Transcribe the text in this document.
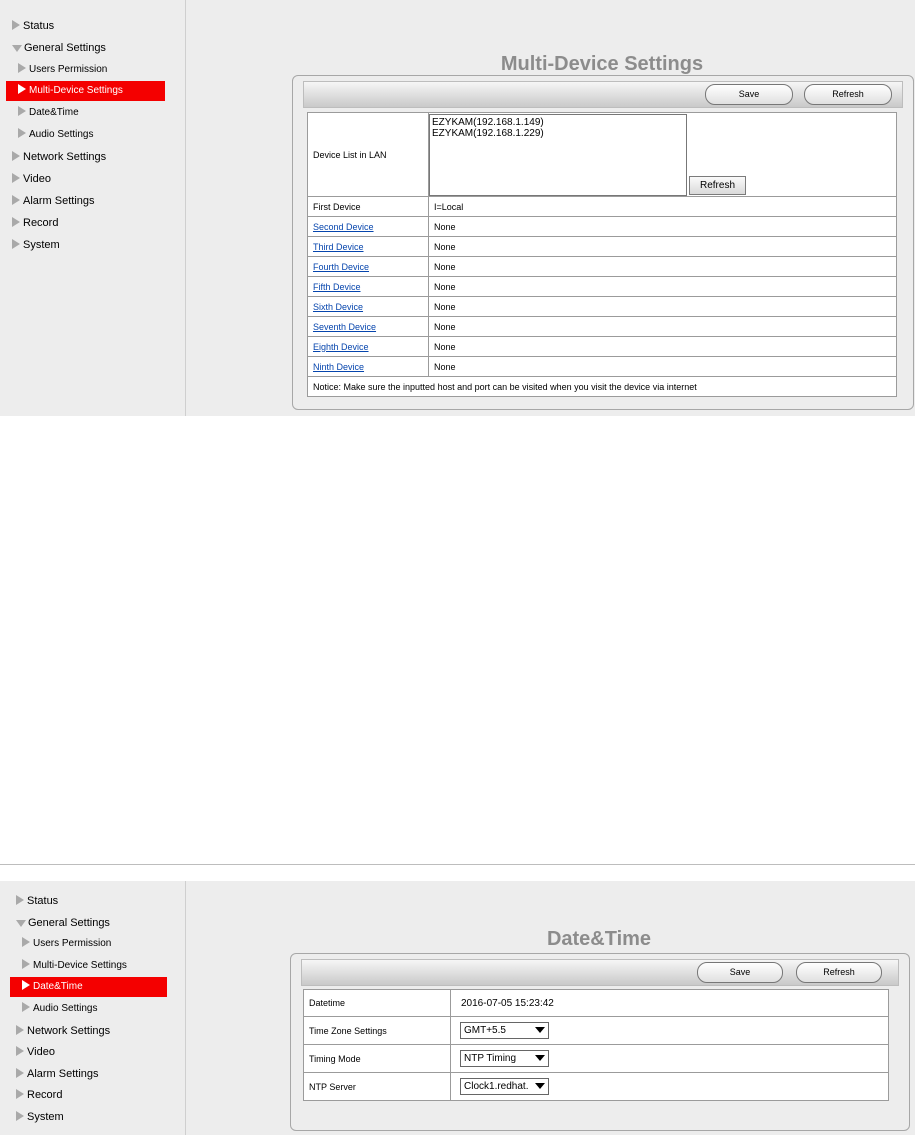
Status
General Settings
Users Permission
Multi-Device Settings
Date&Time
Audio Settings
Network Settings
Video
Alarm Settings
Record
System
Multi-Device Settings
Save	Refresh
Device List in LAN	EZYKAM(192.168.1.149)
EZYKAM(192.168.1.229)
Refresh

First Device	I=Local
Second Device	None
Third Device	None
Fourth Device	None
Fifth Device	None
Sixth Device	None
Seventh Device	None
Eighth Device	None
Ninth Device	None
Notice: Make sure the inputted host and port can be visited when you visit the device via internet	
Status
General Settings
Users Permission
Multi-Device Settings
Date&Time
Audio Settings
Network Settings
Video
Alarm Settings
Record
System
Date&Time
Save	Refresh
Datetime	2016-07-05 15:23:42
Time Zone Settings	GMT+5.5

Timing Mode	NTP Timing

NTP Server	Clock1.redhat.
